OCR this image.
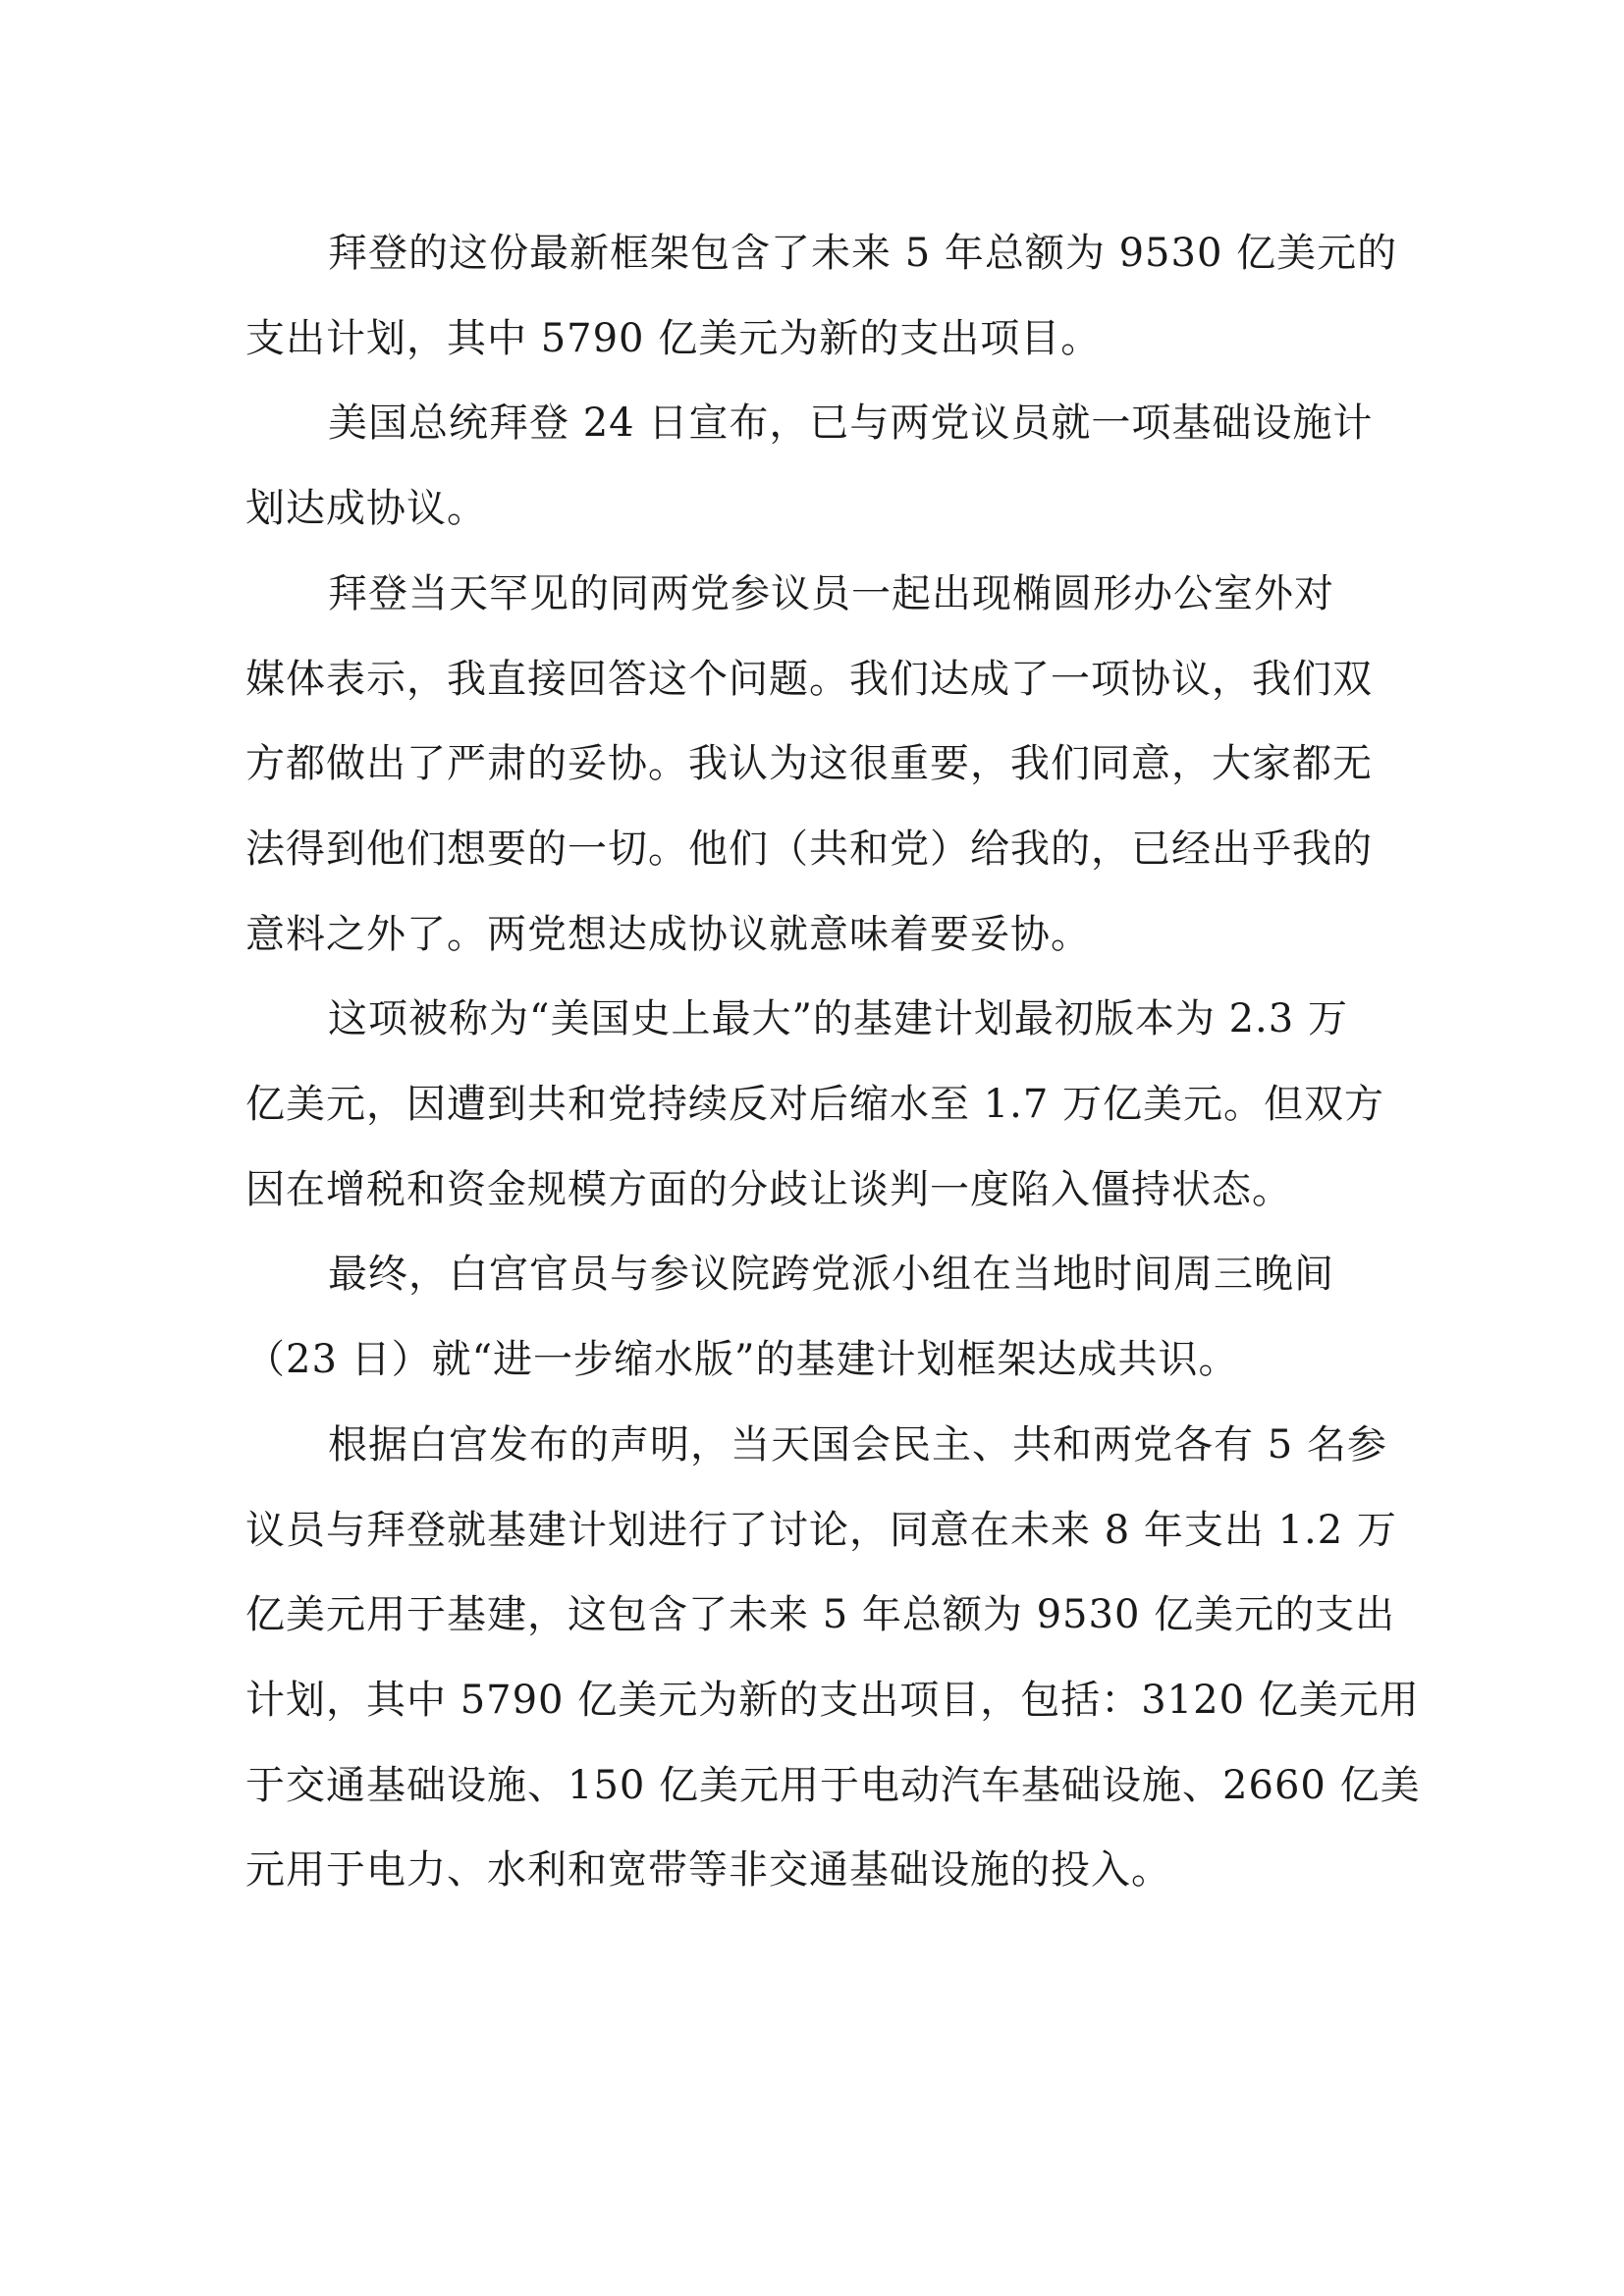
拜登的这份最新框架包含了未来 5 年总额为 9530 亿美元的
支出计划，其中 5790 亿美元为新的支出项目。

美国总统拜登 24 日宣布，已与两党议员就一项基础设施计
划达成协议。

拜登当天罕见的同两党参议员一起出现椭圆形办公室外对
媒体表示，我直接回答这个问题。我们达成了一项协议，我们双
方都做出了严肃的妥协。我认为这很重要，我们同意，大家都无
法得到他们想要的一切。他们（共和党）给我的，已经出乎我的
意料之外了。两党想达成协议就意味着要妥协。

这项被称为“美国史上最大”的基建计划最初版本为 2.3 万
亿美元，因遭到共和党持续反对后缩水至 1.7 万亿美元。但双方
因在增税和资金规模方面的分歧让谈判一度陷入僵持状态。

最终，白宫官员与参议院跨党派小组在当地时间周三晚间
（23 日）就“进一步缩水版”的基建计划框架达成共识。

根据白宫发布的声明，当天国会民主、共和两党各有 5 名参
议员与拜登就基建计划进行了讨论，同意在未来 8 年支出 1.2 万
亿美元用于基建，这包含了未来 5 年总额为 9530 亿美元的支出
计划，其中 5790 亿美元为新的支出项目，包括：3120 亿美元用
于交通基础设施、150 亿美元用于电动汽车基础设施、2660 亿美
元用于电力、水利和宽带等非交通基础设施的投入。
